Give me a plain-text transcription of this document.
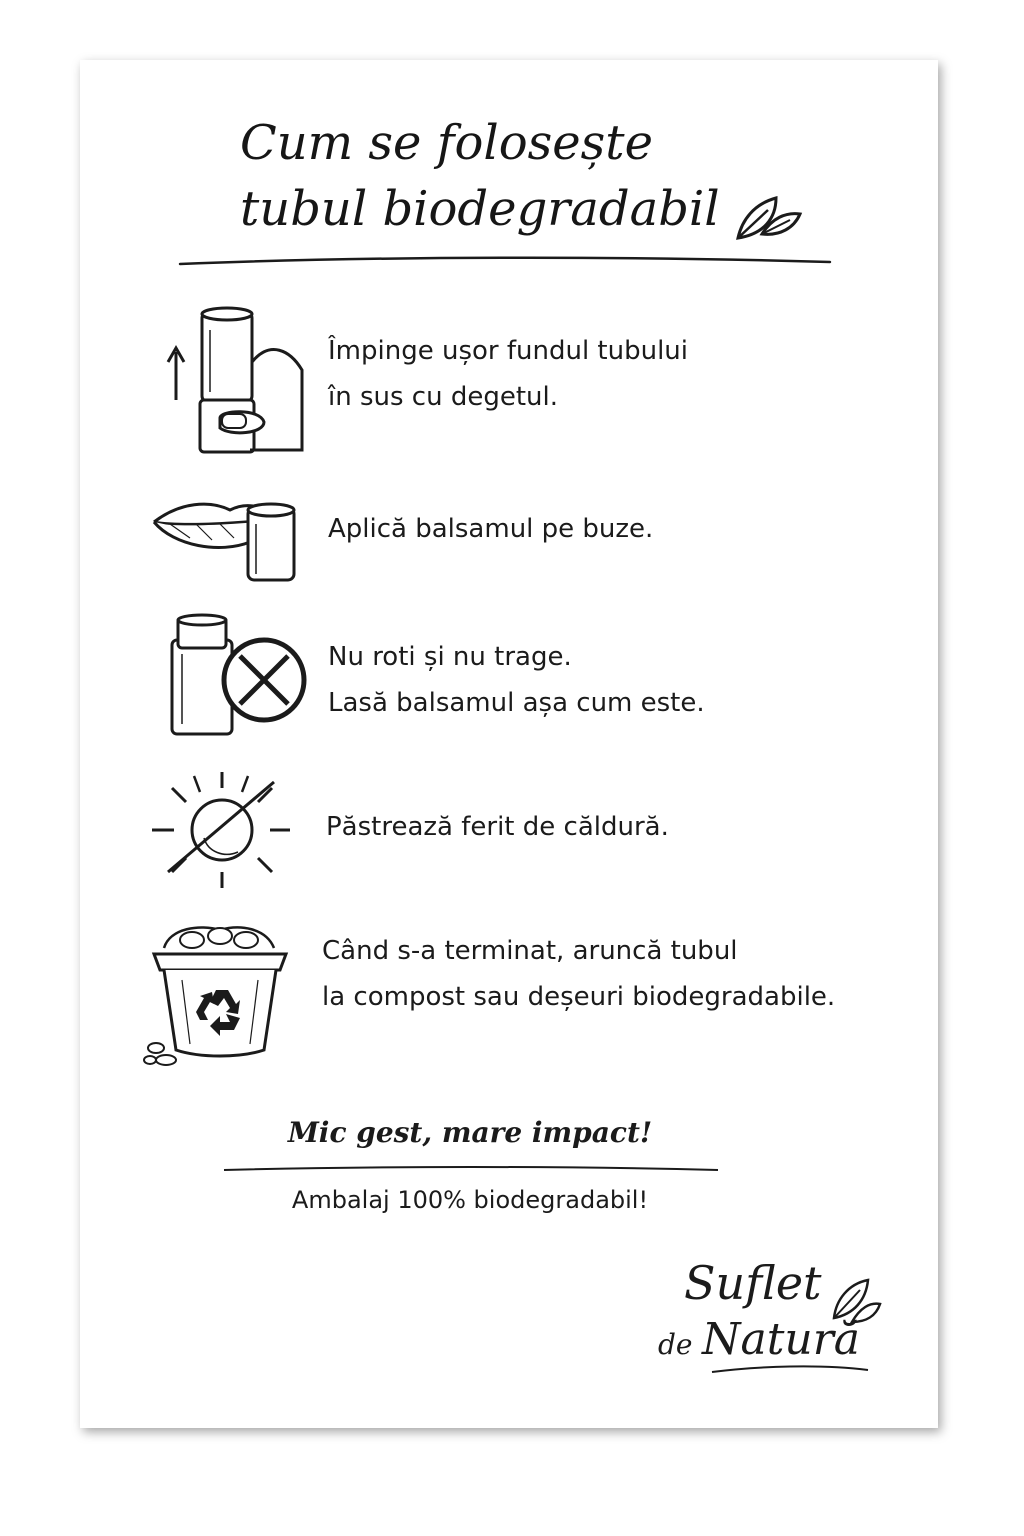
Cum se folosește
tubul biodegradabil
Împinge ușor fundul tubului
în sus cu degetul.
Aplică balsamul pe buze.
Nu roti și nu trage.
Lasă balsamul așa cum este.
Păstrează ferit de căldură.
Când s-a terminat, aruncă tubul
la compost sau deșeuri biodegradabile.
Mic gest, mare impact!
Ambalaj 100% biodegradabil!
Suflet
de Natură
